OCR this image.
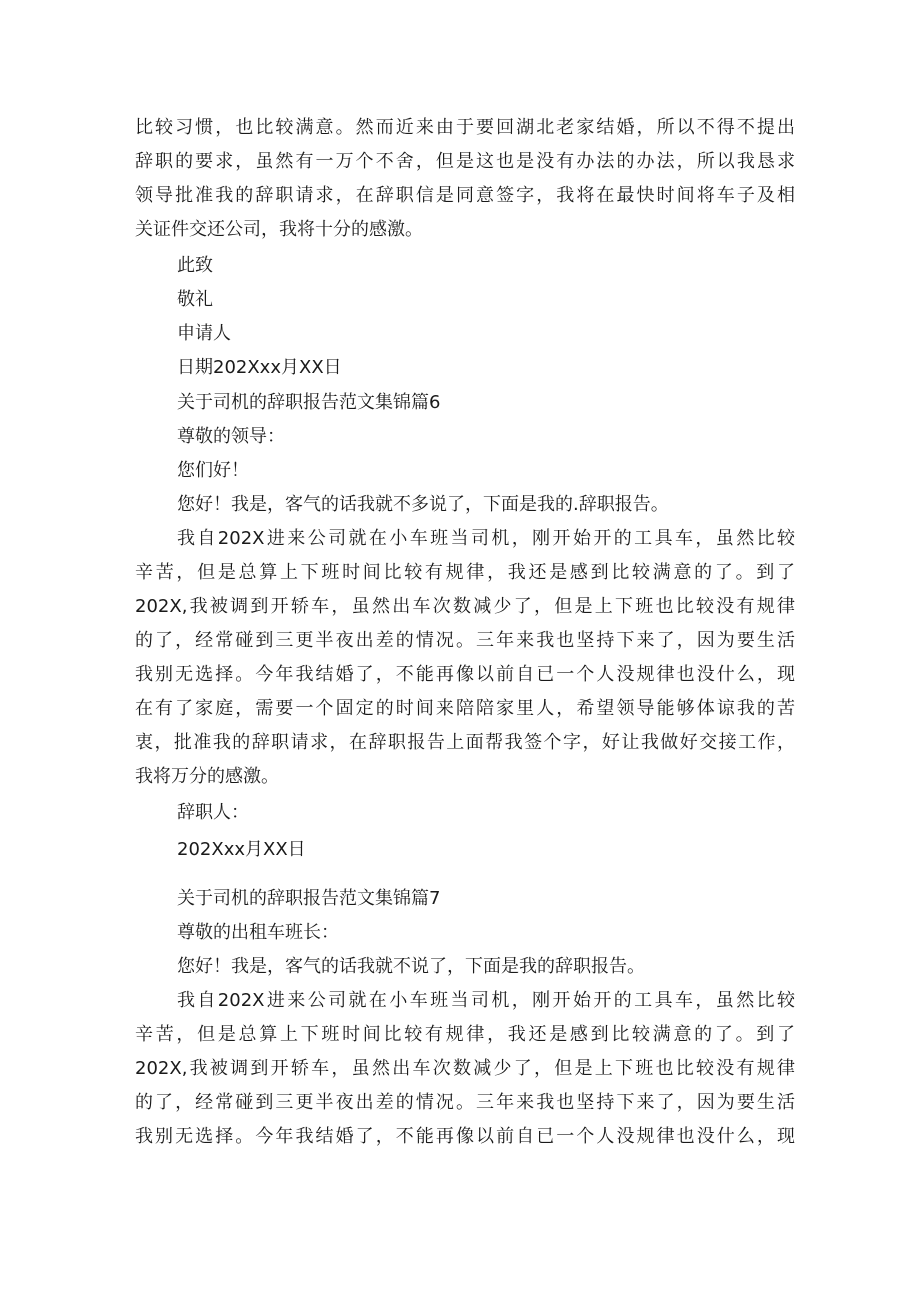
比较习惯，也比较满意。然而近来由于要回湖北老家结婚，所以不得不提出
辞职的要求，虽然有一万个不舍，但是这也是没有办法的办法，所以我恳求
领导批准我的辞职请求，在辞职信是同意签字，我将在最快时间将车子及相
关证件交还公司，我将十分的感激。
此致
敬礼
申请人
日期202Xxx月XX日
关于司机的辞职报告范文集锦篇6
尊敬的领导：
您们好！
您好！我是，客气的话我就不多说了，下面是我的.辞职报告。
我自202X进来公司就在小车班当司机，刚开始开的工具车，虽然比较
辛苦，但是总算上下班时间比较有规律，我还是感到比较满意的了。到了
202X,我被调到开轿车，虽然出车次数减少了，但是上下班也比较没有规律
的了，经常碰到三更半夜出差的情况。三年来我也坚持下来了，因为要生活
我别无选择。今年我结婚了，不能再像以前自已一个人没规律也没什么，现
在有了家庭，需要一个固定的时间来陪陪家里人，希望领导能够体谅我的苦
衷，批准我的辞职请求，在辞职报告上面帮我签个字，好让我做好交接工作，
我将万分的感激。
辞职人：
202Xxx月XX日
关于司机的辞职报告范文集锦篇7
尊敬的出租车班长：
您好！我是，客气的话我就不说了，下面是我的辞职报告。
我自202X进来公司就在小车班当司机，刚开始开的工具车，虽然比较
辛苦，但是总算上下班时间比较有规律，我还是感到比较满意的了。到了
202X,我被调到开轿车，虽然出车次数减少了，但是上下班也比较没有规律
的了，经常碰到三更半夜出差的情况。三年来我也坚持下来了，因为要生活
我别无选择。今年我结婚了，不能再像以前自已一个人没规律也没什么，现
